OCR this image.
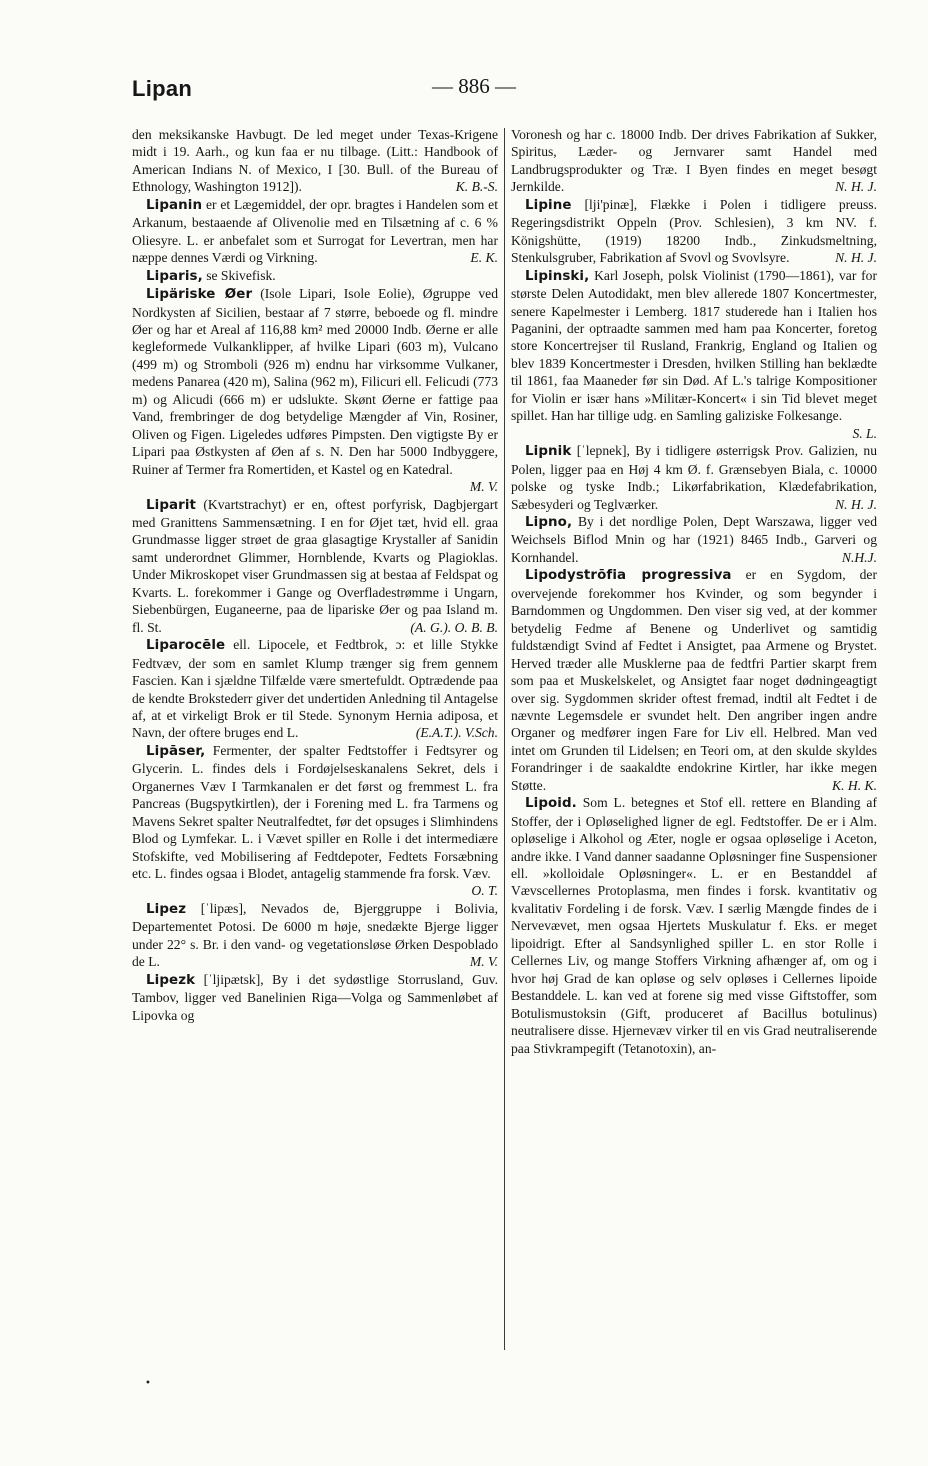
Lipan	— 886 —

den meksikanske Havbugt. De led meget under Texas-Krigene midt i 19. Aarh., og kun faa er nu tilbage. (Litt.: Handbook of American Indians N. of Mexico, I [30. Bull. of the Bureau of Ethnology, Washington 1912]).	K. B.-S.

Lipanin er et Lægemiddel, der opr. bragtes i Handelen som et Arkanum, bestaaende af Olivenolie med en Tilsætning af c. 6 % Oliesyre. L. er anbefalet som et Surrogat for Levertran, men har næppe dennes Værdi og Virkning.	E. K.

Liparis, se Skivefisk.

Lipäriske Øer (Isole Lipari, Isole Eolie), Øgruppe ved Nordkysten af Sicilien, bestaar af 7 større, beboede og fl. mindre Øer og har et Areal af 116,88 km² med 20000 Indb. Øerne er alle kegleformede Vulkanklipper, af hvilke Lipari (603 m), Vulcano (499 m) og Stromboli (926 m) endnu har virksomme Vulkaner, medens Panarea (420 m), Salina (962 m), Filicuri ell. Felicudi (773 m) og Alicudi (666 m) er udslukte. Skønt Øerne er fattige paa Vand, frembringer de dog betydelige Mængder af Vin, Rosiner, Oliven og Figen. Ligeledes udføres Pimpsten. Den vigtigste By er Lipari paa Østkysten af Øen af s. N. Den har 5000 Indbyggere, Ruiner af Termer fra Romertiden, et Kastel og en Katedral.
M. V.

Liparit (Kvartstrachyt) er en, oftest porfyrisk, Dagbjergart med Granittens Sammensætning. I en for Øjet tæt, hvid ell. graa Grundmasse ligger strøet de graa glasagtige Krystaller af Sanidin samt underordnet Glimmer, Hornblende, Kvarts og Plagioklas. Under Mikroskopet viser Grundmassen sig at bestaa af Feldspat og Kvarts. L. forekommer i Gange og Overfladestrømme i Ungarn, Siebenbürgen, Euganeerne, paa de lipariske Øer og paa Island m. fl. St.	(A. G.). O. B. B.

Liparocēle ell. Lipocele, et Fedtbrok, ɔ: et lille Stykke Fedtvæv, der som en samlet Klump trænger sig frem gennem Fascien. Kan i sjældne Tilfælde være smertefuldt. Optrædende paa de kendte Brokstederr giver det undertiden Anledning til Antagelse af, at et virkeligt Brok er til Stede. Synonym Hernia adiposa, et Navn, der oftere bruges end L.	(E.A.T.). V.Sch.

Lipāser, Fermenter, der spalter Fedtstoffer i Fedtsyrer og Glycerin. L. findes dels i Fordøjelseskanalens Sekret, dels i Organernes Væv I Tarmkanalen er det først og fremmest L. fra Pancreas (Bugspytkirtlen), der i Forening med L. fra Tarmens og Mavens Sekret spalter Neutralfedtet, før det opsuges i Slimhindens Blod og Lymfekar. L. i Vævet spiller en Rolle i det intermediære Stofskifte, ved Mobilisering af Fedtdepoter, Fedtets Forsæbning etc. L. findes ogsaa i Blodet, antagelig stammende fra forsk. Væv.
O. T.

Lipez [ˈlipæs], Nevados de, Bjerggruppe i Bolivia, Departementet Potosi. De 6000 m høje, snedækte Bjerge ligger under 22° s. Br. i den vand- og vegetationsløse Ørken Despoblado de L.	M. V.

Lipezk [ˈljipætsk], By i det sydøstlige Storrusland, Guv. Tambov, ligger ved Banelinien Riga—Volga og Sammenløbet af Lipovka og

Voronesh og har c. 18000 Indb. Der drives Fabrikation af Sukker, Spiritus, Læder- og Jernvarer samt Handel med Landbrugsprodukter og Træ. I Byen findes en meget besøgt Jernkilde.	N. H. J.

Lipine [lji'pinæ], Flække i Polen i tidligere preuss. Regeringsdistrikt Oppeln (Prov. Schlesien), 3 km NV. f. Königshütte, (1919) 18200 Indb., Zinkudsmeltning, Stenkulsgruber, Fabrikation af Svovl og Svovlsyre.	N. H. J.

Lipinski, Karl Joseph, polsk Violinist (1790—1861), var for største Delen Autodidakt, men blev allerede 1807 Koncertmester, senere Kapelmester i Lemberg. 1817 studerede han i Italien hos Paganini, der optraadte sammen med ham paa Koncerter, foretog store Koncertrejser til Rusland, Frankrig, England og Italien og blev 1839 Koncertmester i Dresden, hvilken Stilling han beklædte til 1861, faa Maaneder før sin Død. Af L.'s talrige Kompositioner for Violin er især hans »Militær-Koncert« i sin Tid blevet meget spillet. Han har tillige udg. en Samling galiziske Folkesange.
S. L.

Lipnik [ˈlepnek], By i tidligere østerrigsk Prov. Galizien, nu Polen, ligger paa en Høj 4 km Ø. f. Grænsebyen Biala, c. 10000 polske og tyske Indb.; Likørfabrikation, Klædefabrikation, Sæbesyderi og Teglværker.	N. H. J.

Lipno, By i det nordlige Polen, Dept Warszawa, ligger ved Weichsels Biflod Mnin og har (1921) 8465 Indb., Garveri og Kornhandel.	N.H.J.

Lipodystrōfia progressiva er en Sygdom, der overvejende forekommer hos Kvinder, og som begynder i Barndommen og Ungdommen. Den viser sig ved, at der kommer betydelig Fedme af Benene og Underlivet og samtidig fuldstændigt Svind af Fedtet i Ansigtet, paa Armene og Brystet. Herved træder alle Musklerne paa de fedtfri Partier skarpt frem som paa et Muskelskelet, og Ansigtet faar noget dødningeagtigt over sig. Sygdommen skrider oftest fremad, indtil alt Fedtet i de nævnte Legemsdele er svundet helt. Den angriber ingen andre Organer og medfører ingen Fare for Liv ell. Helbred. Man ved intet om Grunden til Lidelsen; en Teori om, at den skulde skyldes Forandringer i de saakaldte endokrine Kirtler, har ikke megen Støtte.	K. H. K.

Lipoid. Som L. betegnes et Stof ell. rettere en Blanding af Stoffer, der i Opløselighed ligner de egl. Fedtstoffer. De er i Alm. opløselige i Alkohol og Æter, nogle er ogsaa opløselige i Aceton, andre ikke. I Vand danner saadanne Opløsninger fine Suspensioner ell. »kolloidale Opløsninger«. L. er en Bestanddel af Vævscellernes Protoplasma, men findes i forsk. kvantitativ og kvalitativ Fordeling i de forsk. Væv. I særlig Mængde findes de i Nervevævet, men ogsaa Hjertets Muskulatur f. Eks. er meget lipoidrigt. Efter al Sandsynlighed spiller L. en stor Rolle i Cellernes Liv, og mange Stoffers Virkning afhænger af, om og i hvor høj Grad de kan opløse og selv opløses i Cellernes lipoide Bestanddele. L. kan ved at forene sig med visse Giftstoffer, som Botulismustoksin (Gift, produceret af Bacillus botulinus) neutralisere disse. Hjernevæv virker til en vis Grad neutraliserende paa Stivkrampegift (Tetanotoxin), an-

•
